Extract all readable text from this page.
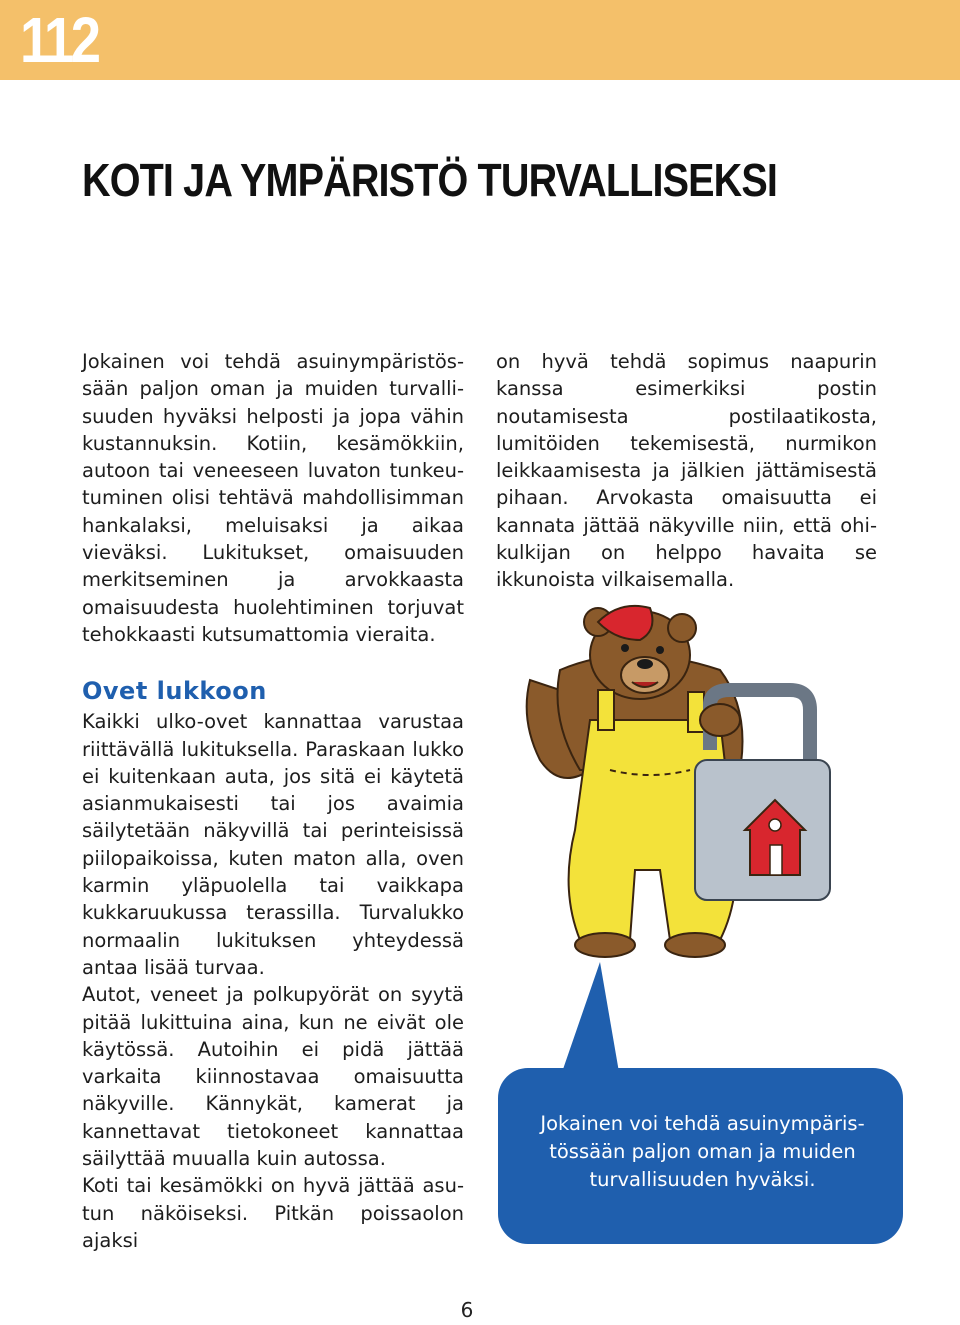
112
KOTI JA YMPÄRISTÖ TURVALLISEKSI

Jokainen voi tehdä asuinympäristössään paljon oman ja muiden turvallisuuden hyväksi helposti ja jopa vähin kustannuksin. Kotiin, kesämökkiin, autoon tai veneeseen luvaton tunkeutuminen olisi tehtävä mahdollisimman hankalaksi, meluisaksi ja aikaa vieväksi. Lukitukset, omaisuuden merkitseminen ja arvokkaasta omaisuudesta huolehtiminen torjuvat tehokkaasti kutsumattomia vieraita.

Ovet lukkoon

Kaikki ulko-ovet kannattaa varustaa riittävällä lukituksella. Paraskaan lukko ei kuitenkaan auta, jos sitä ei käytetä asianmukaisesti tai jos avaimia säilytetään näkyvillä tai perinteisissä piilopaikoissa, kuten maton alla, oven karmin yläpuolella tai vaikkapa kukkaruukussa terassilla. Turvalukko normaalin lukituksen yhteydessä antaa lisää turvaa.

Autot, veneet ja polkupyörät on syytä pitää lukittuina aina, kun ne eivät ole käytössä. Autoihin ei pidä jättää varkaita kiinnostavaa omaisuutta näkyville. Kännykät, kamerat ja kannettavat tietokoneet kannattaa säilyttää muualla kuin autossa.

Koti tai kesämökki on hyvä jättää asutun näköiseksi. Pitkän poissaolon ajaksi

on hyvä tehdä sopimus naapurin kanssa esimerkiksi postin noutamisesta postilaatikosta, lumitöiden tekemisestä, nurmikon leikkaamisesta ja jälkien jättämisestä pihaan. Arvokasta omaisuutta ei kannata jättää näkyville niin, että ohikulkijan on helppo havaita se ikkunoista vilkaisemalla.

Jokainen voi tehdä asuinympäristössään paljon oman ja muiden turvallisuuden hyväksi.
6
